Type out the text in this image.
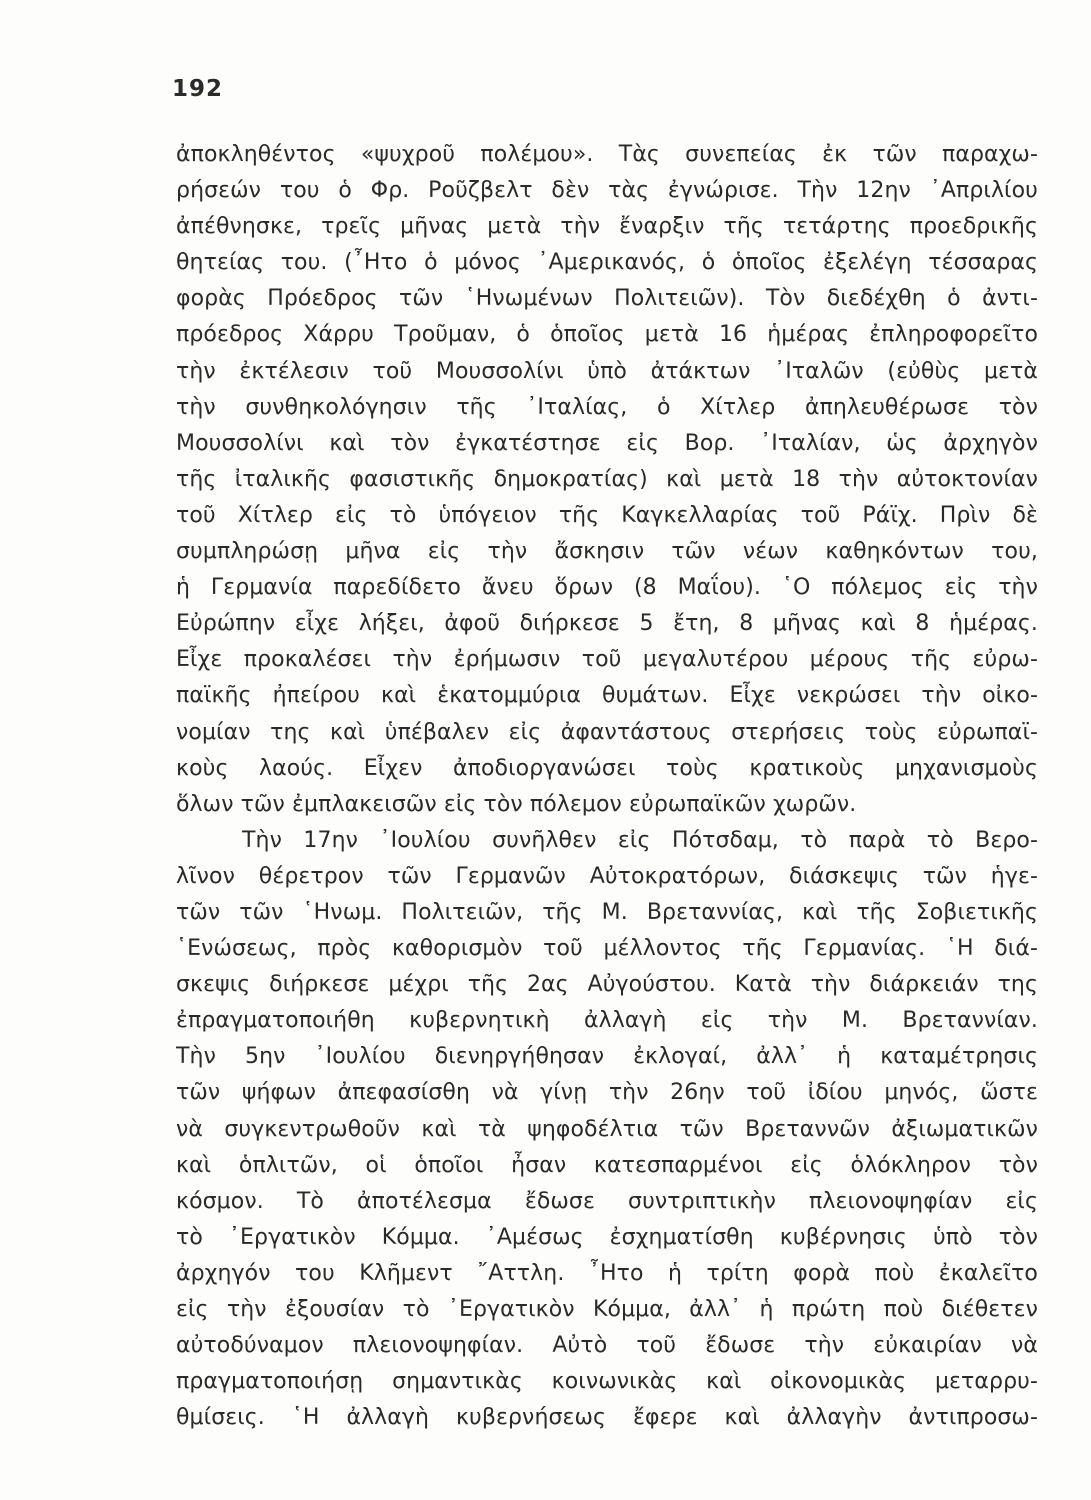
192
ἀποκληθέντος «ψυχροῦ πολέμου». Τὰς συνεπείας ἐκ τῶν παραχω-
ρήσεών του ὁ Φρ. Ρoῦζβελτ δὲν τὰς ἐγνώρισε. Τὴν 12ην ᾿Απριλίου
ἀπέθνησκε, τρεῖς μῆνας μετὰ τὴν ἔναρξιν τῆς τετάρτης προεδρικῆς
θητείας του. (῏Ητο ὁ μόνος ᾿Αμερικανός, ὁ ὁποῖος ἐξελέγη τέσσαρας
φορὰς Πρόεδρος τῶν ῾Ηνωμένων Πολιτειῶν). Τὸν διεδέχθη ὁ ἀντι-
πρόεδρος Χάρρυ Τροῦμαν, ὁ ὁποῖος μετὰ 16 ἡμέρας ἐπληροφορεῖτο
τὴν ἐκτέλεσιν τοῦ Μουσσολίνι ὑπὸ ἀτάκτων ᾿Ιταλῶν (εὐθὺς μετὰ
τὴν συνθηκολόγησιν τῆς ᾿Ιταλίας, ὁ Χίτλερ ἀπηλευθέρωσε τὸν
Μουσσολίνι καὶ τὸν ἐγκατέστησε εἰς Βορ. ᾿Ιταλίαν, ὡς ἀρχηγὸν
τῆς ἰταλικῆς φασιστικῆς δημοκρατίας) καὶ μετὰ 18 τὴν αὐτοκτονίαν
τοῦ Χίτλερ εἰς τὸ ὑπόγειον τῆς Καγκελλαρίας τοῦ Ράϊχ. Πρὶν δὲ
συμπληρώσῃ μῆνα εἰς τὴν ἄσκησιν τῶν νέων καθηκόντων του,
ἡ Γερμανία παρεδίδετο ἄνευ ὅρων (8 Μαΐου). ῾Ο πόλεμος εἰς τὴν
Εὐρώπην εἶχε λήξει, ἀφοῦ διήρκεσε 5 ἔτη, 8 μῆνας καὶ 8 ἡμέρας.
Εἶχε προκαλέσει τὴν ἐρήμωσιν τοῦ μεγαλυτέρου μέρους τῆς εὐρω-
παϊκῆς ἠπείρου καὶ ἑκατομμύρια θυμάτων. Εἶχε νεκρώσει τὴν οἰκο-
νομίαν της καὶ ὑπέβαλεν εἰς ἀφαντάστους στερήσεις τοὺς εὐρωπαϊ-
κοὺς λαούς. Εἶχεν ἀποδιοργανώσει τοὺς κρατικοὺς μηχανισμοὺς
ὅλων τῶν ἐμπλακεισῶν εἰς τὸν πόλεμον εὐρωπαϊκῶν χωρῶν.
Τὴν 17ην ᾿Ιουλίου συνῆλθεν εἰς Πότσδαμ, τὸ παρὰ τὸ Βερο-
λῖνον θέρετρον τῶν Γερμανῶν Αὐτοκρατόρων, διάσκεψις τῶν ἡγε-
τῶν τῶν ῾Ηνωμ. Πολιτειῶν, τῆς Μ. Βρεταννίας, καὶ τῆς Σοβιετικῆς
῾Ενώσεως, πρὸς καθορισμὸν τοῦ μέλλοντος τῆς Γερμανίας. ῾Η διά-
σκεψις διήρκεσε μέχρι τῆς 2ας Αὐγούστου. Κατὰ τὴν διάρκειάν της
ἐπραγματοποιήθη κυβερνητικὴ ἀλλαγὴ εἰς τὴν Μ. Βρεταννίαν.
Τὴν 5ην ᾿Ιουλίου διενηργήθησαν ἐκλογαί, ἀλλ᾿ ἡ καταμέτρησις
τῶν ψήφων ἀπεφασίσθη νὰ γίνῃ τὴν 26ην τοῦ ἰδίου μηνός, ὥστε
νὰ συγκεντρωθοῦν καὶ τὰ ψηφοδέλτια τῶν Βρεταννῶν ἀξιωματικῶν
καὶ ὁπλιτῶν, οἱ ὁποῖοι ἦσαν κατεσπαρμένοι εἰς ὁλόκληρον τὸν
κόσμον. Τὸ ἀποτέλεσμα ἔδωσε συντριπτικὴν πλειονοψηφίαν εἰς
τὸ ᾿Εργατικὸν Κόμμα. ᾿Αμέσως ἐσχηματίσθη κυβέρνησις ὑπὸ τὸν
ἀρχηγόν του Κλῆμεντ ῎Αττλη. ῏Ητο ἡ τρίτη φορὰ ποὺ ἐκαλεῖτο
εἰς τὴν ἐξουσίαν τὸ ᾿Εργατικὸν Κόμμα, ἀλλ᾿ ἡ πρώτη ποὺ διέθετεν
αὐτοδύναμον πλειονοψηφίαν. Αὐτὸ τοῦ ἔδωσε τὴν εὐκαιρίαν νὰ
πραγματοποιήσῃ σημαντικὰς κοινωνικὰς καὶ οἰκονομικὰς μεταρρυ-
θμίσεις. ῾Η ἀλλαγὴ κυβερνήσεως ἔφερε καὶ ἀλλαγὴν ἀντιπροσω-
